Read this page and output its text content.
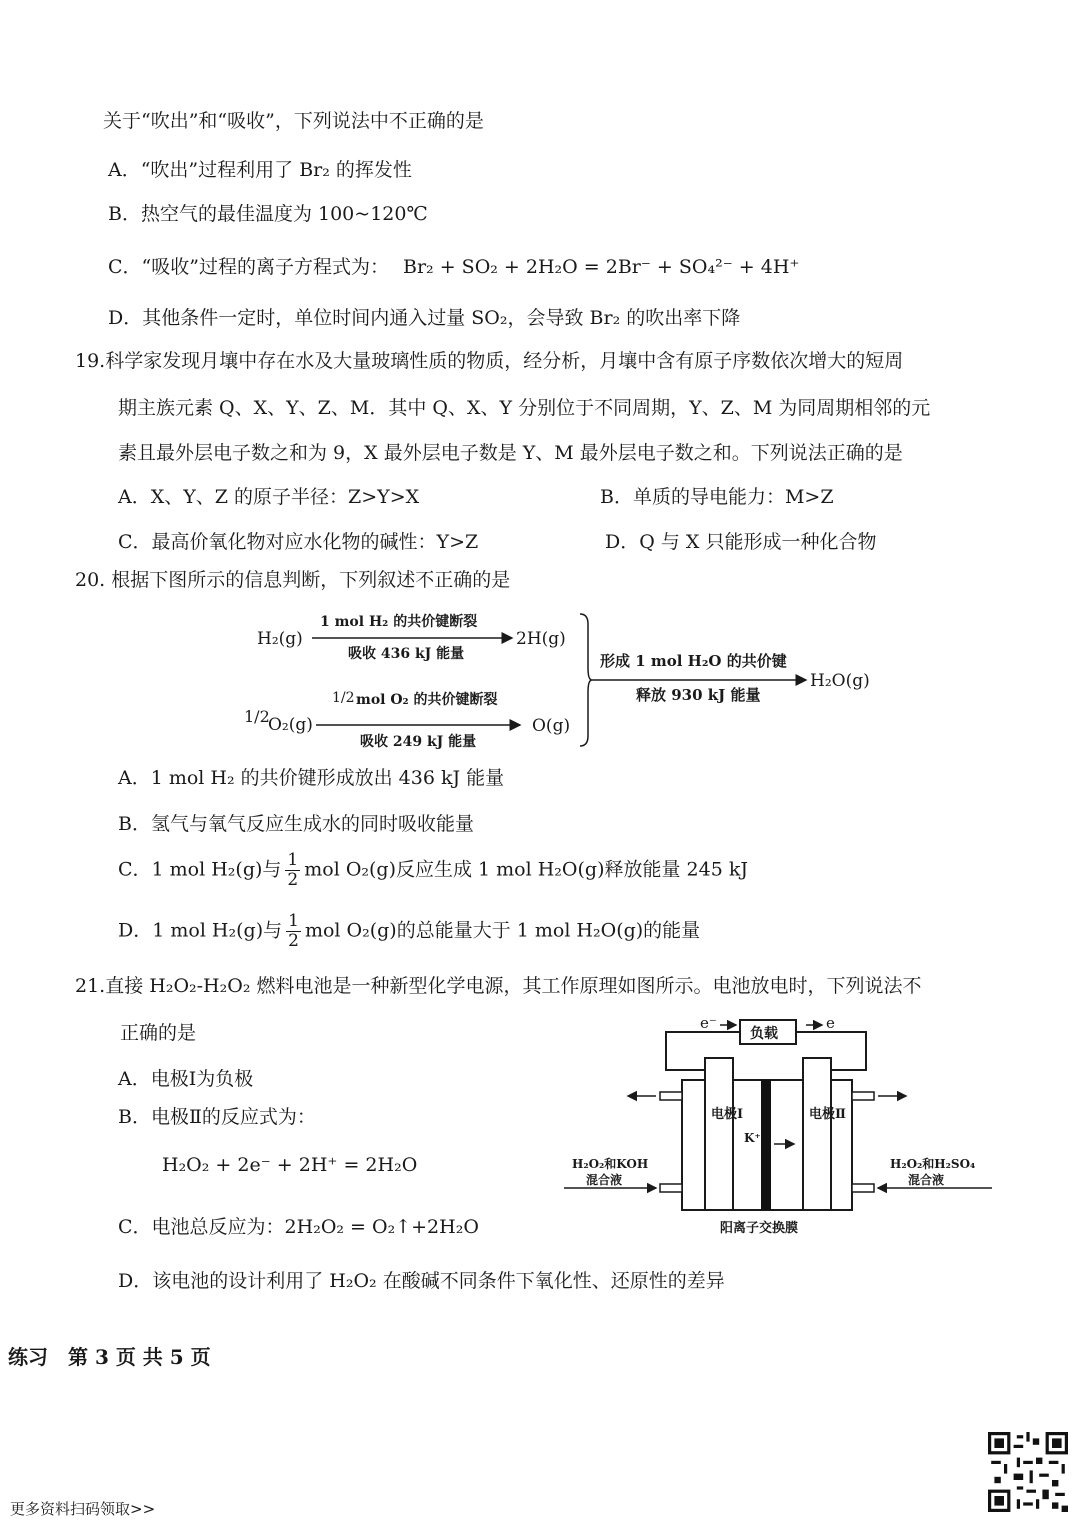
关于“吹出”和“吸收”，下列说法中不正确的是
A．“吹出”过程利用了 Br₂ 的挥发性
B．热空气的最佳温度为 100~120℃
C．“吸收”过程的离子方程式为： Br₂ + SO₂ + 2H₂O = 2Br⁻ + SO₄²⁻ + 4H⁺
D．其他条件一定时，单位时间内通入过量 SO₂，会导致 Br₂ 的吹出率下降
19.科学家发现月壤中存在水及大量玻璃性质的物质，经分析，月壤中含有原子序数依次增大的短周
期主族元素 Q、X、Y、Z、M．其中 Q、X、Y 分别位于不同周期，Y、Z、M 为同周期相邻的元
素且最外层电子数之和为 9，X 最外层电子数是 Y、M 最外层电子数之和。下列说法正确的是
A．X、Y、Z 的原子半径：Z>Y>X	B．单质的导电能力：M>Z
C．最高价氧化物对应水化物的碱性：Y>Z	D．Q 与 X 只能形成一种化合物
20. 根据下图所示的信息判断，下列叙述不正确的是
H₂(g)
1 mol H₂ 的共价键断裂
吸收 436 kJ 能量
2H(g)
1/2
O₂(g)
1/2 mol O₂ 的共价键断裂
吸收 249 kJ 能量
O(g)
形成 1 mol H₂O 的共价键
释放 930 kJ 能量
H₂O(g)
A．1 mol H₂ 的共价键形成放出 436 kJ 能量
B．氢气与氧气反应生成水的同时吸收能量
C．1 mol H₂(g)与 $\frac{1}{2}$ mol O₂(g)反应生成 1 mol H₂O(g)释放能量 245 kJ
D．1 mol H₂(g)与 $\frac{1}{2}$ mol O₂(g)的总能量大于 1 mol H₂O(g)的能量
21.直接 H₂O₂-H₂O₂ 燃料电池是一种新型化学电源，其工作原理如图所示。电池放电时，下列说法不
正确的是
A．电极Ⅰ为负极
B．电极Ⅱ的反应式为：
H₂O₂ + 2e⁻ + 2H⁺ = 2H₂O
C．电池总反应为：2H₂O₂ = O₂↑+2H₂O
D．该电池的设计利用了 H₂O₂ 在酸碱不同条件下氧化性、还原性的差异
负载
e⁻	e
电极Ⅰ	电极Ⅱ
K⁺
H₂O₂和KOH
混合液
H₂O₂和H₂SO₄
混合液
阳离子交换膜
练习　第 3 页 共 5 页
更多资料扫码领取>>
